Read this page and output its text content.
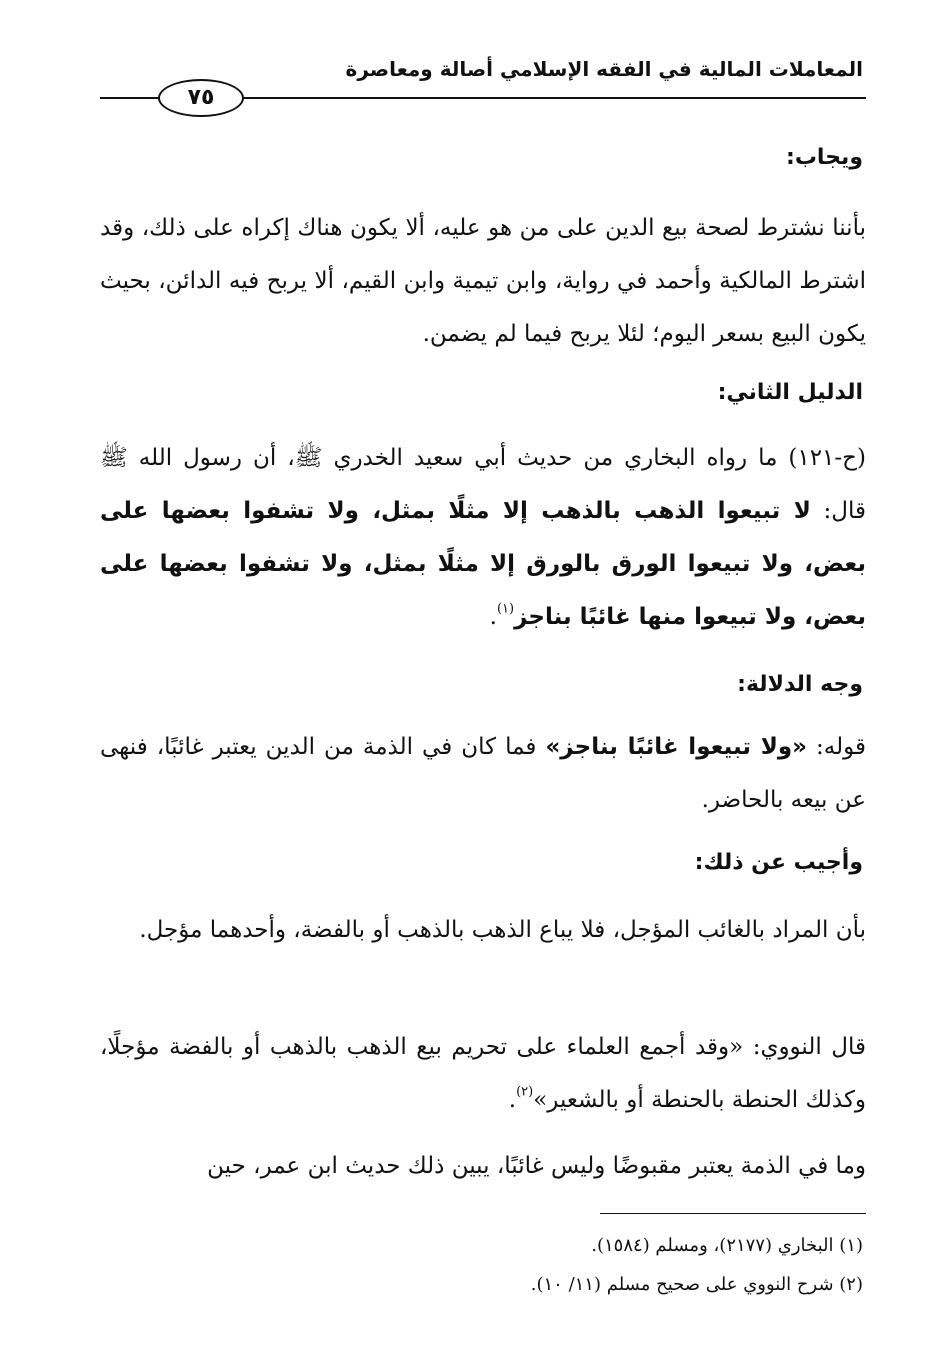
المعاملات المالية في الفقه الإسلامي أصالة ومعاصرة
٧٥

ويجاب:

بأننا نشترط لصحة بيع الدين على من هو عليه، ألا يكون هناك إكراه على ذلك، وقد اشترط المالكية وأحمد في رواية، وابن تيمية وابن القيم، ألا يربح فيه الدائن، بحيث يكون البيع بسعر اليوم؛ لئلا يربح فيما لم يضمن.

الدليل الثاني:

(ح-١٢١) ما رواه البخاري من حديث أبي سعيد الخدري ﷺ، أن رسول الله ﷺ قال: لا تبيعوا الذهب بالذهب إلا مثلًا بمثل، ولا تشفوا بعضها على بعض، ولا تبيعوا الورق بالورق إلا مثلًا بمثل، ولا تشفوا بعضها على بعض، ولا تبيعوا منها غائبًا بناجز$^{(١)}$.

وجه الدلالة:

قوله: «ولا تبيعوا غائبًا بناجز» فما كان في الذمة من الدين يعتبر غائبًا، فنهى عن بيعه بالحاضر.

وأجيب عن ذلك:

بأن المراد بالغائب المؤجل، فلا يباع الذهب بالذهب أو بالفضة، وأحدهما مؤجل.

قال النووي: «وقد أجمع العلماء على تحريم بيع الذهب بالذهب أو بالفضة مؤجلًا، وكذلك الحنطة بالحنطة أو بالشعير»$^{(٢)}$.

وما في الذمة يعتبر مقبوضًا وليس غائبًا، يبين ذلك حديث ابن عمر، حين

(١) البخاري (٢١٧٧)، ومسلم (١٥٨٤).

(٢) شرح النووي على صحيح مسلم (١١/ ١٠).
